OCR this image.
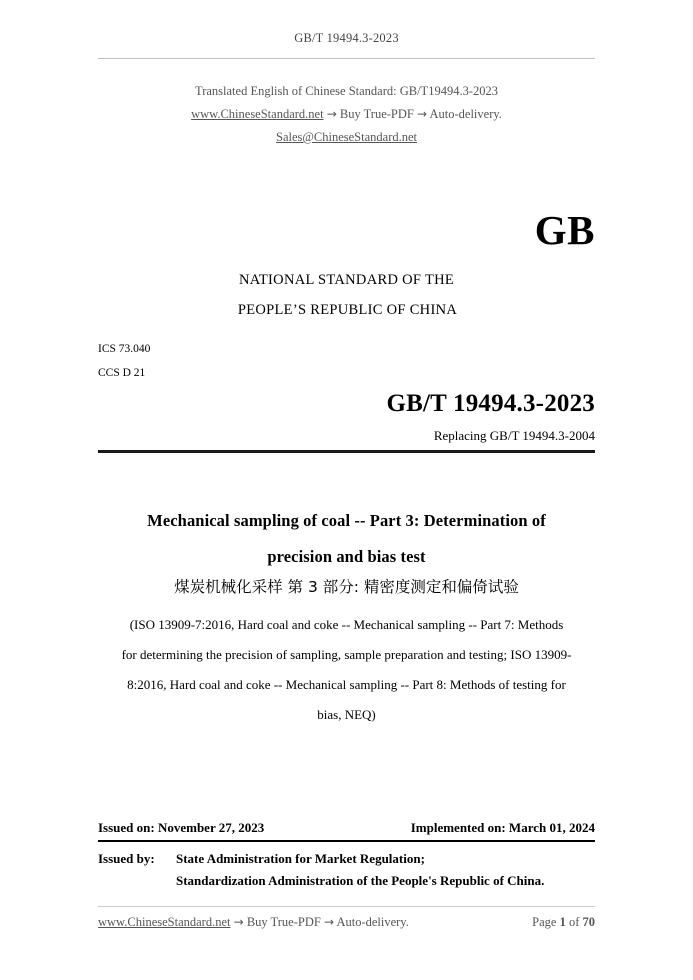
GB/T 19494.3-2023
Translated English of Chinese Standard: GB/T19494.3-2023
www.ChineseStandard.net → Buy True-PDF → Auto-delivery.
Sales@ChineseStandard.net
GB
NATIONAL STANDARD OF THE
PEOPLE’S REPUBLIC OF CHINA
ICS 73.040
CCS D 21
GB/T 19494.3-2023
Replacing GB/T 19494.3-2004
Mechanical sampling of coal -- Part 3: Determination of
precision and bias test
煤炭机械化采样 第 3 部分: 精密度测定和偏倚试验
(ISO 13909-7:2016, Hard coal and coke -- Mechanical sampling -- Part 7: Methods
for determining the precision of sampling, sample preparation and testing; ISO 13909-
8:2016, Hard coal and coke -- Mechanical sampling -- Part 8: Methods of testing for
bias, NEQ)
Issued on: November 27, 2023	Implemented on: March 01, 2024
Issued by: State Administration for Market Regulation;
Standardization Administration of the People's Republic of China.
www.ChineseStandard.net → Buy True-PDF → Auto-delivery.	Page 1 of 70
